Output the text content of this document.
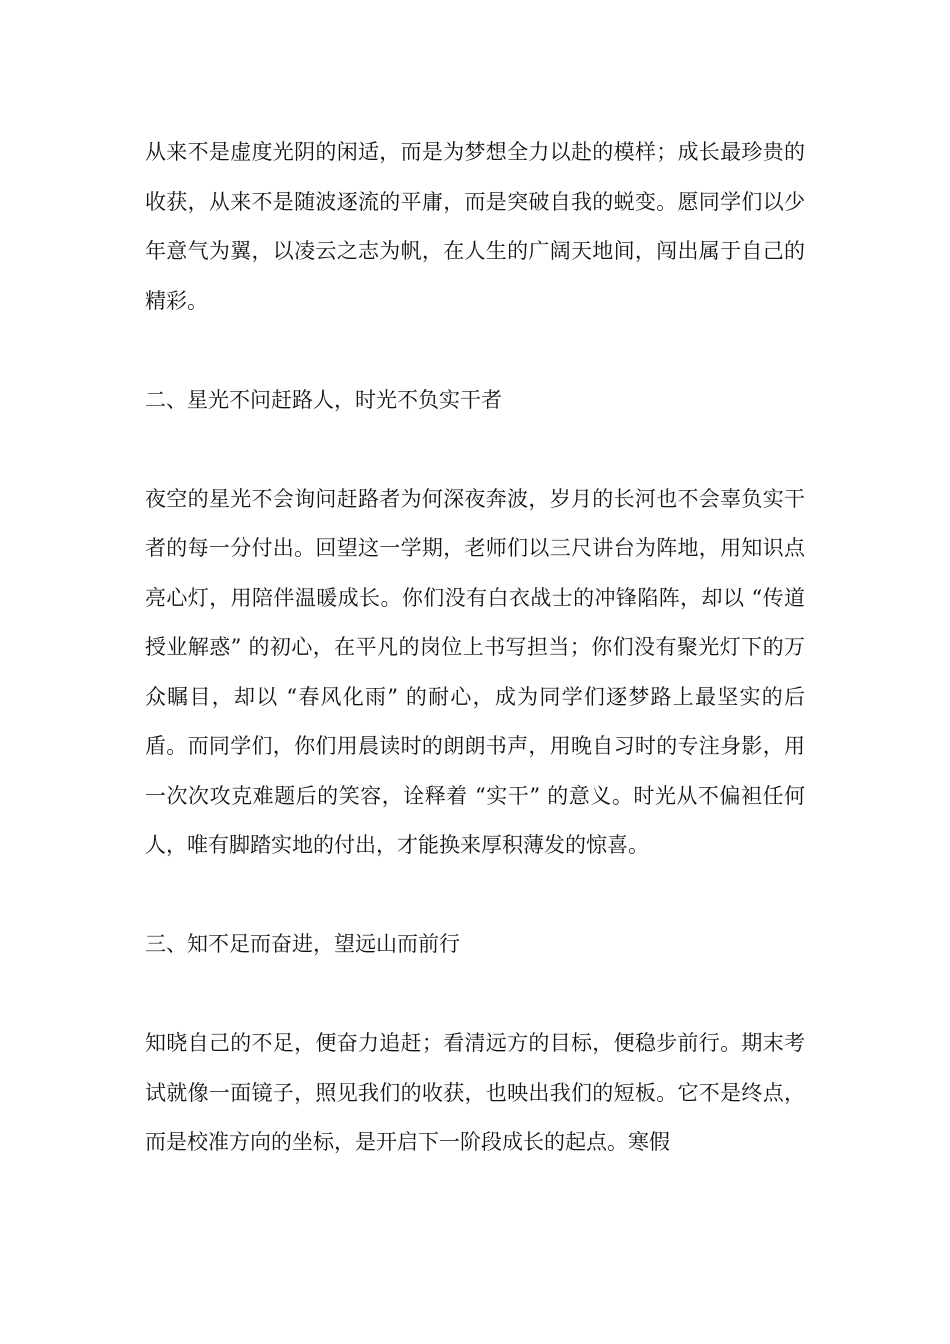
从来不是虚度光阴的闲适，而是为梦想全力以赴的模样；成长最珍贵的收获，从来不是随波逐流的平庸，而是突破自我的蜕变。愿同学们以少年意气为翼，以凌云之志为帆，在人生的广阔天地间，闯出属于自己的精彩。

二、星光不问赶路人，时光不负实干者

夜空的星光不会询问赶路者为何深夜奔波，岁月的长河也不会辜负实干者的每一分付出。回望这一学期，老师们以三尺讲台为阵地，用知识点亮心灯，用陪伴温暖成长。你们没有白衣战士的冲锋陷阵，却以 “传道授业解惑” 的初心，在平凡的岗位上书写担当；你们没有聚光灯下的万众瞩目，却以 “春风化雨” 的耐心，成为同学们逐梦路上最坚实的后盾。而同学们，你们用晨读时的朗朗书声，用晚自习时的专注身影，用一次次攻克难题后的笑容，诠释着 “实干” 的意义。时光从不偏袒任何人，唯有脚踏实地的付出，才能换来厚积薄发的惊喜。

三、知不足而奋进，望远山而前行

知晓自己的不足，便奋力追赶；看清远方的目标，便稳步前行。期末考试就像一面镜子，照见我们的收获，也映出我们的短板。它不是终点，而是校准方向的坐标，是开启下一阶段成长的起点。寒假
